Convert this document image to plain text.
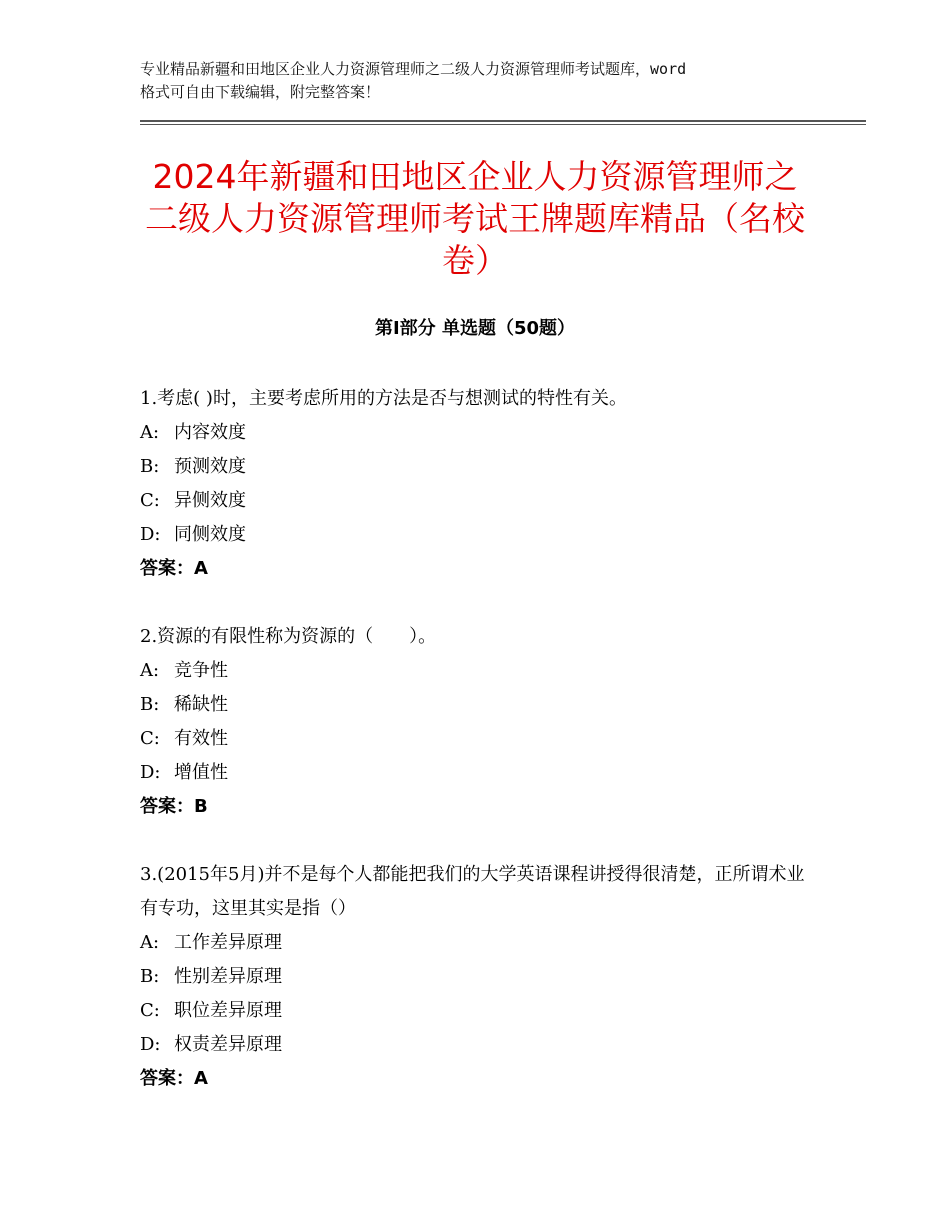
专业精品新疆和田地区企业人力资源管理师之二级人力资源管理师考试题库，word
格式可自由下载编辑，附完整答案！
2024年新疆和田地区企业人力资源管理师之二级人力资源管理师考试王牌题库精品（名校卷）
第Ⅰ部分 单选题（50题）

1.考虑( )时，主要考虑所用的方法是否与想测试的特性有关。

A: 内容效度

B: 预测效度

C: 异侧效度

D: 同侧效度

答案：A

2.资源的有限性称为资源的（　　）。

A: 竞争性

B: 稀缺性

C: 有效性

D: 增值性

答案：B

3.(2015年5月)并不是每个人都能把我们的大学英语课程讲授得很清楚，正所谓术业有专功，这里其实是指（）

A: 工作差异原理

B: 性别差异原理

C: 职位差异原理

D: 权责差异原理

答案：A
